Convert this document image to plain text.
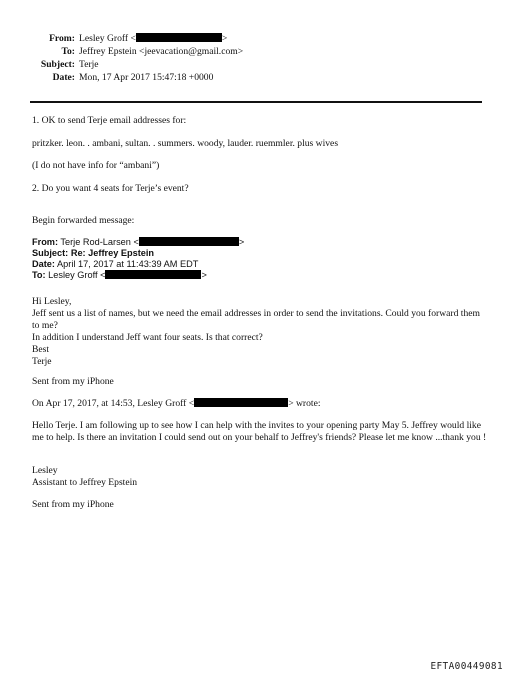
From: Lesley Groff <	>
To: Jeffrey Epstein <jeevacation@gmail.com>
Subject: Terje
Date: Mon, 17 Apr 2017 15:47:18 +0000
1. OK to send Terje email addresses for:
pritzker. leon. . ambani, sultan. . summers. woody, lauder. ruemmler. plus wives
(I do not have info for “ambani”)
2. Do you want 4 seats for Terje’s event?
Begin forwarded message:
From: Terje Rod-Larsen <	>
Subject: Re: Jeffrey Epstein
Date: April 17, 2017 at 11:43:39 AM EDT
To: Lesley Groff <	>
Hi Lesley,
Jeff sent us a list of names, but we need the email addresses in order to send the invitations. Could you forward them to me?
In addition I understand Jeff want four seats. Is that correct?
Best
Terje
Sent from my iPhone
On Apr 17, 2017, at 14:53, Lesley Groff <	> wrote:
Hello Terje. I am following up to see how I can help with the invites to your opening party May 5. Jeffrey would like me to help. Is there an invitation I could send out on your behalf to Jeffrey's friends? Please let me know ...thank you !
Lesley
Assistant to Jeffrey Epstein
Sent from my iPhone
EFTA00449081
